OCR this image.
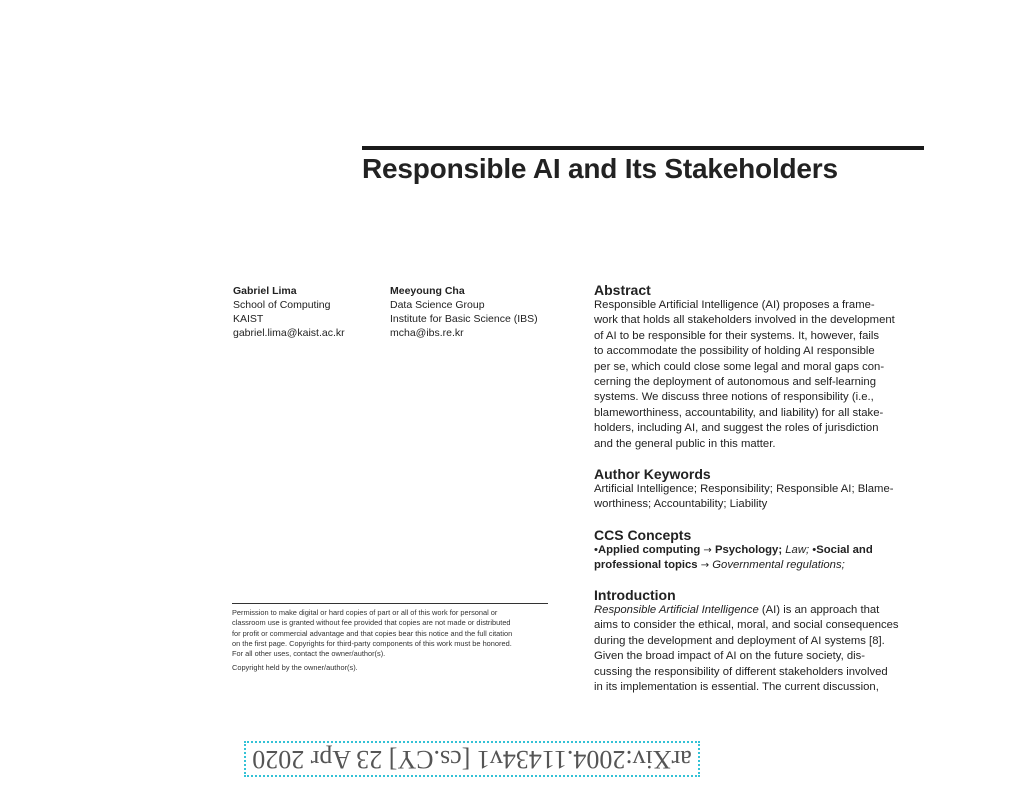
Responsible AI and Its Stakeholders
Gabriel Lima
School of Computing
KAIST
gabriel.lima@kaist.ac.kr
Meeyoung Cha
Data Science Group
Institute for Basic Science (IBS)
mcha@ibs.re.kr

Permission to make digital or hard copies of part or all of this work for personal or

classroom use is granted without fee provided that copies are not made or distributed

for profit or commercial advantage and that copies bear this notice and the full citation

on the first page. Copyrights for third-party components of this work must be honored.

For all other uses, contact the owner/author(s).

Copyright held by the owner/author(s).

Abstract
Responsible Artificial Intelligence (AI) proposes a frame-
work that holds all stakeholders involved in the development
of AI to be responsible for their systems. It, however, fails
to accommodate the possibility of holding AI responsible
per se, which could close some legal and moral gaps con-
cerning the deployment of autonomous and self-learning
systems. We discuss three notions of responsibility (i.e.,
blameworthiness, accountability, and liability) for all stake-
holders, including AI, and suggest the roles of jurisdiction
and the general public in this matter.
Author Keywords
Artificial Intelligence; Responsibility; Responsible AI; Blame-
worthiness; Accountability; Liability
CCS Concepts
•Applied computing → Psychology; Law; •Social and
professional topics → Governmental regulations;
Introduction
Responsible Artificial Intelligence (AI) is an approach that
aims to consider the ethical, moral, and social consequences
during the development and deployment of AI systems [8].
Given the broad impact of AI on the future society, dis-
cussing the responsibility of different stakeholders involved
in its implementation is essential. The current discussion,
arXiv:2004.11434v1 [cs.CY] 23 Apr 2020
